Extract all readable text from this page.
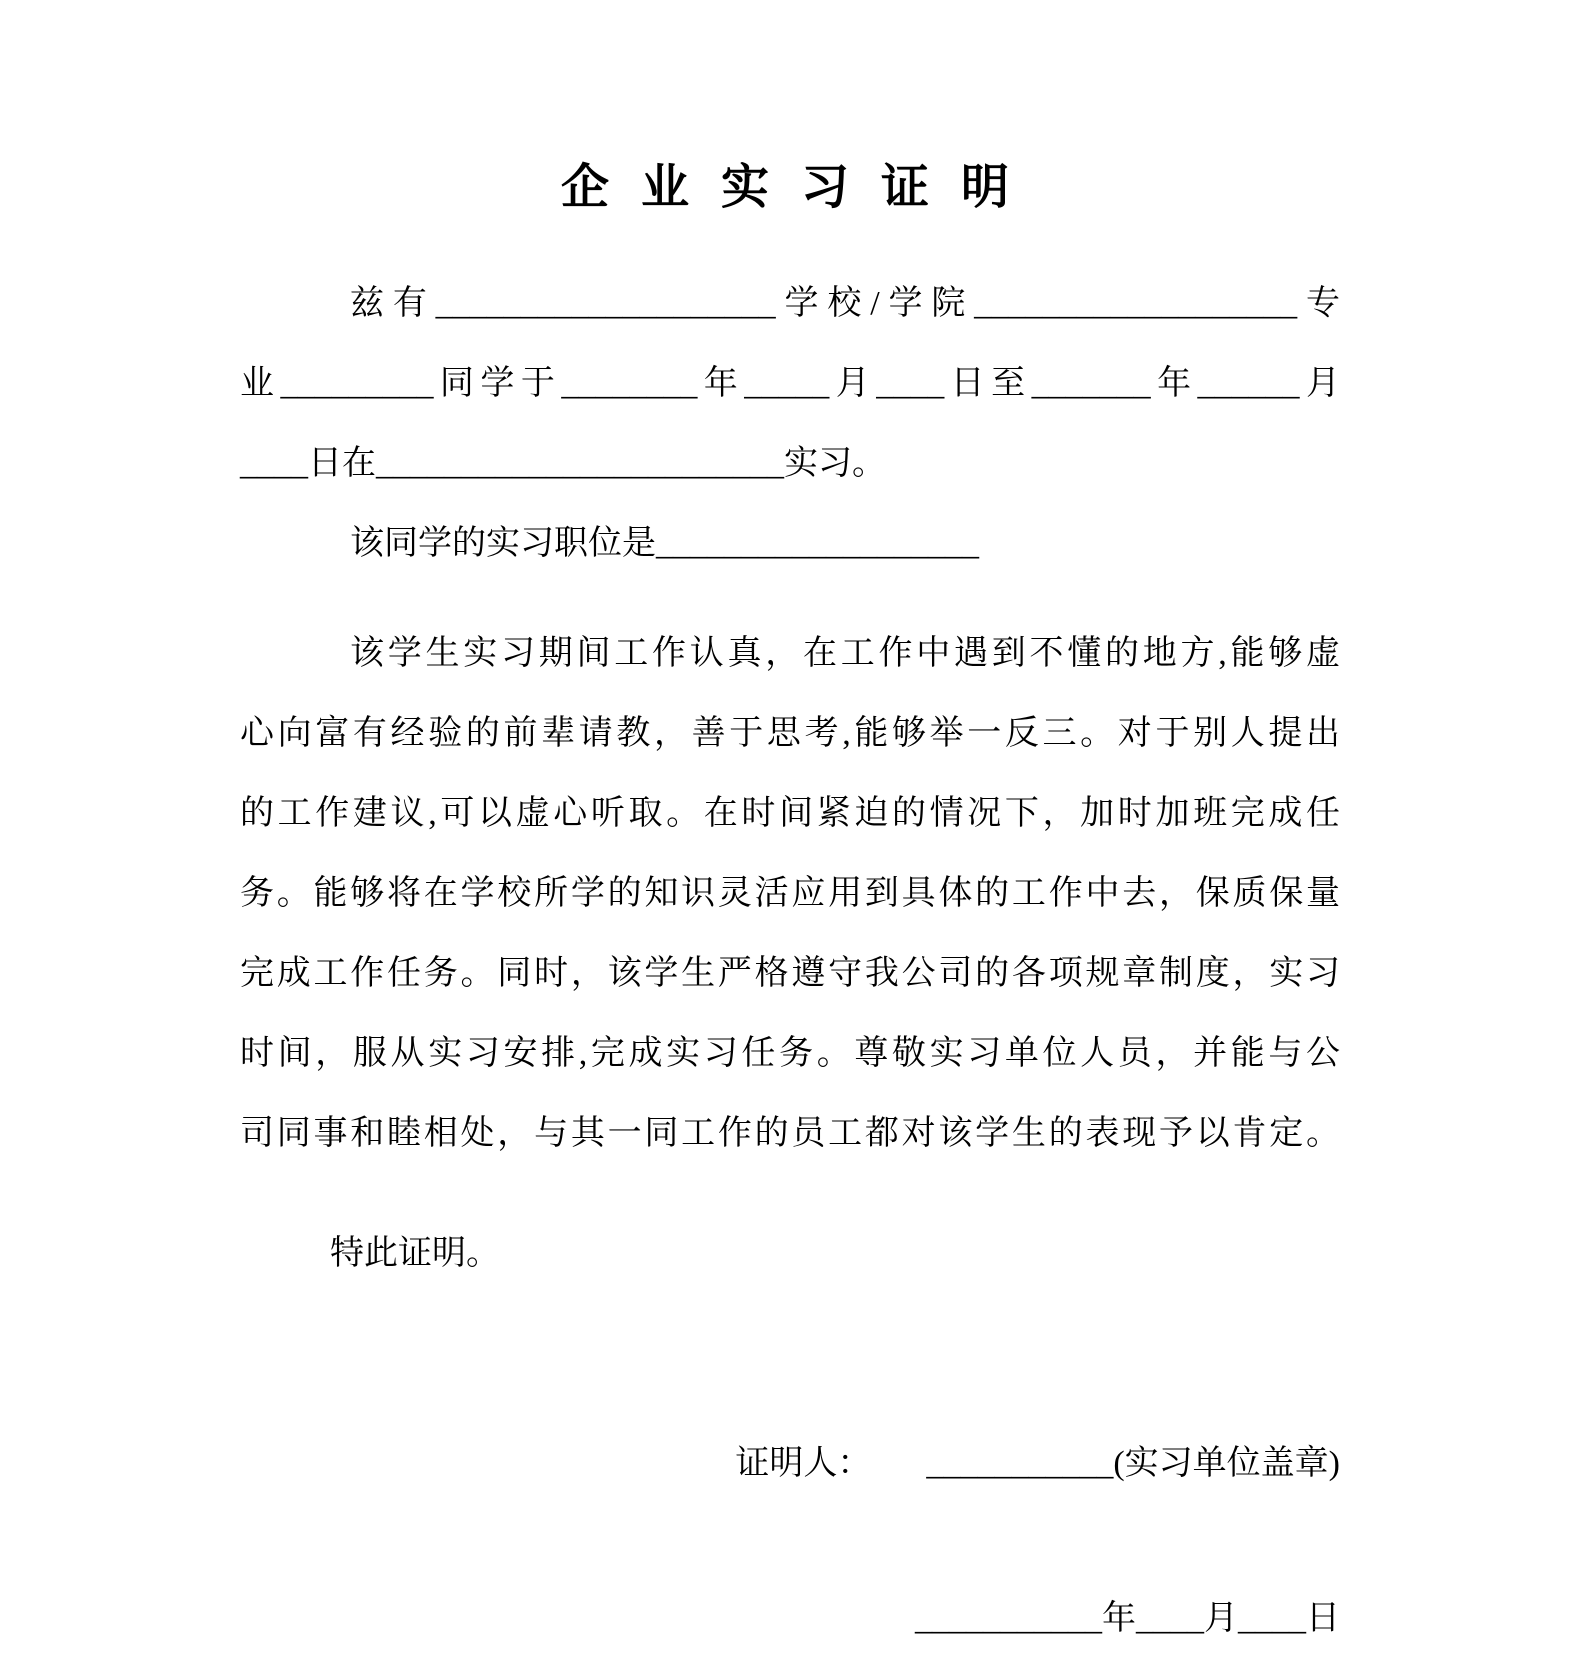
企 业 实 习 证 明

兹有____________________学校/学院___________________专

业_________同学于________年_____月____日至_______年______月

____日在________________________实习。

该同学的实习职位是___________________

该学生实习期间工作认真，在工作中遇到不懂的地方,能够虚

心向富有经验的前辈请教，善于思考,能够举一反三。对于别人提出

的工作建议,可以虚心听取。在时间紧迫的情况下，加时加班完成任

务。能够将在学校所学的知识灵活应用到具体的工作中去，保质保量

完成工作任务。同时，该学生严格遵守我公司的各项规章制度，实习

时间，服从实习安排,完成实习任务。尊敬实习单位人员，并能与公

司同事和睦相处，与其一同工作的员工都对该学生的表现予以肯定。

特此证明。

证明人： ___________(实习单位盖章)

___________年____月____日
